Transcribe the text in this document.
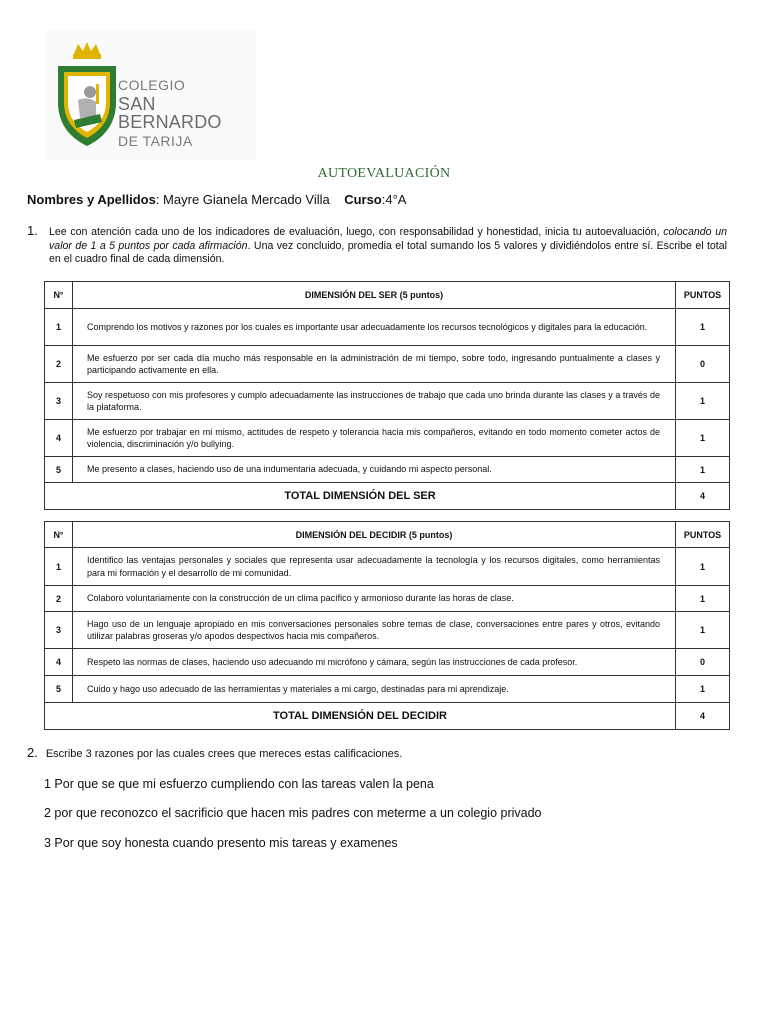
COLEGIO
SAN BERNARDO
DE TARIJA
AUTOEVALUACIÓN
Nombres y Apellidos: Mayre Gianela Mercado Villa Curso:4°A
1. Lee con atención cada uno de los indicadores de evaluación, luego, con responsabilidad y honestidad, inicia tu autoevaluación, colocando un valor de 1 a 5 puntos por cada afirmación. Una vez concluido, promedia el total sumando los 5 valores y dividiéndolos entre sí. Escribe el total en el cuadro final de cada dimensión.
N°	DIMENSIÓN DEL SER (5 puntos)	PUNTOS
1	Comprendo los motivos y razones por los cuales es importante usar adecuadamente los recursos tecnológicos y digitales para la educación.	1
2	Me esfuerzo por ser cada día mucho más responsable en la administración de mi tiempo, sobre todo, ingresando puntualmente a clases y participando activamente en ella.	0
3	Soy respetuoso con mis profesores y cumplo adecuadamente las instrucciones de trabajo que cada uno brinda durante las clases y a través de la plataforma.	1
4	Me esfuerzo por trabajar en mi mismo, actitudes de respeto y tolerancia hacia mis compañeros, evitando en todo momento cometer actos de violencia, discriminación y/o bullying.	1
5	Me presento a clases, haciendo uso de una indumentaria adecuada, y cuidando mi aspecto personal.	1
TOTAL DIMENSIÓN DEL SER		4
N°	DIMENSIÓN DEL DECIDIR (5 puntos)	PUNTOS
1	Identifico las ventajas personales y sociales que representa usar adecuadamente la tecnología y los recursos digitales, como herramientas para mi formación y el desarrollo de mi comunidad.	1
2	Colaboro voluntariamente con la construcción de un clima pacífico y armonioso durante las horas de clase.	1
3	Hago uso de un lenguaje apropiado en mis conversaciones personales sobre temas de clase, conversaciones entre pares y otros, evitando utilizar palabras groseras y/o apodos despectivos hacia mis compañeros.	1
4	Respeto las normas de clases, haciendo uso adecuando mi micrófono y cámara, según las instrucciones de cada profesor.	0
5	Cuido y hago uso adecuado de las herramientas y materiales a mi cargo, destinadas para mi aprendizaje.	1
TOTAL DIMENSIÓN DEL DECIDIR		4
2. Escribe 3 razones por las cuales crees que mereces estas calificaciones.
1 Por que se que mi esfuerzo cumpliendo con las tareas valen la pena
2 por que reconozco el sacrificio que hacen mis padres con meterme a un colegio privado
3 Por que soy honesta cuando presento mis tareas y examenes
